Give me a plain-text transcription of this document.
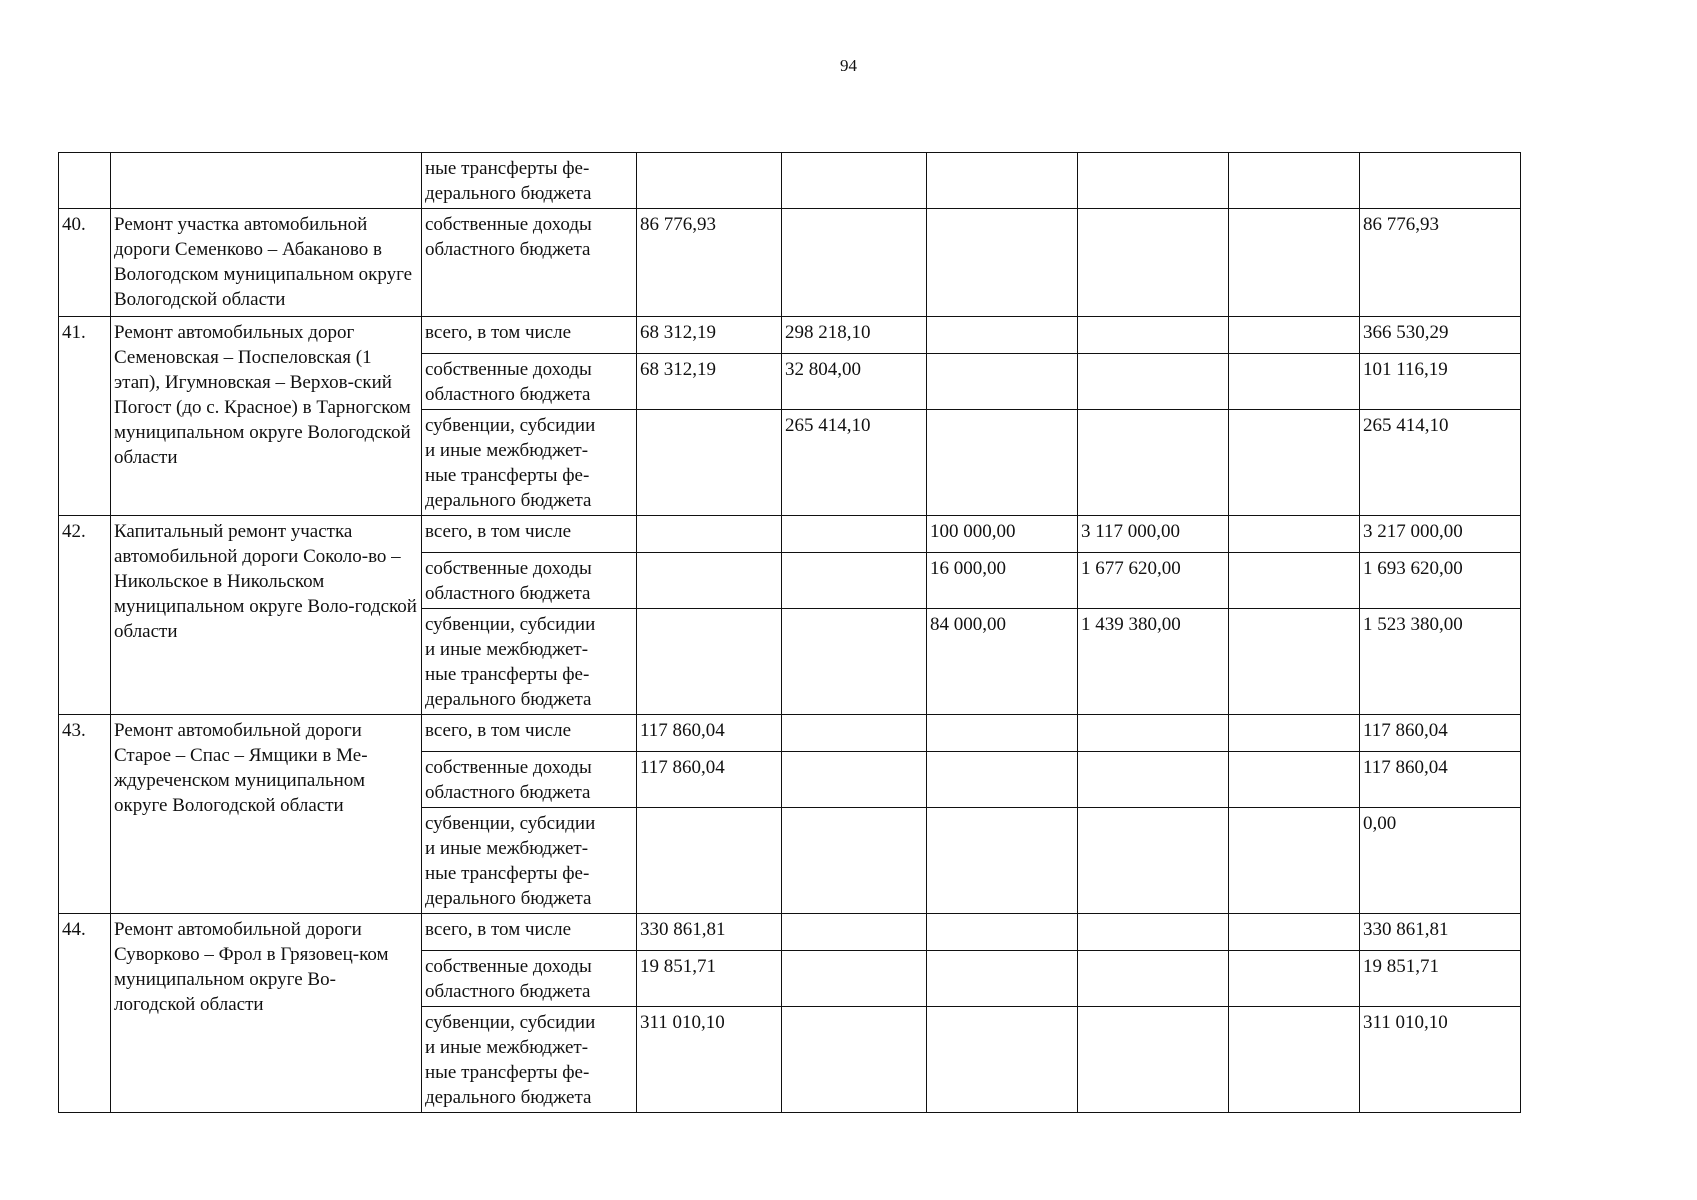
94
		ные трансферты фе-
дерального бюджета						
40.	Ремонт участка автомобильной дороги Семенково – Абаканово в Вологодском муниципальном округе Вологодской области	собственные доходы
областного бюджета	86 776,93					86 776,93
41.	Ремонт автомобильных дорог Семеновская – Поспеловская (1 этап), Игумновская – Верхов-ский Погост (до с. Красное) в Тарногском муниципальном округе Вологодской области	всего, в том числе	68 312,19	298 218,10				366 530,29
		собственные доходы
областного бюджета	68 312,19	32 804,00				101 116,19
		субвенции, субсидии
и иные межбюджет-
ные трансферты фе-
дерального бюджета		265 414,10				265 414,10
42.	Капитальный ремонт участка автомобильной дороги Соколо-во – Никольское в Никольском муниципальном округе Воло-годской области	всего, в том числе			100 000,00	3 117 000,00		3 217 000,00
		собственные доходы
областного бюджета			16 000,00	1 677 620,00		1 693 620,00
		субвенции, субсидии
и иные межбюджет-
ные трансферты фе-
дерального бюджета			84 000,00	1 439 380,00		1 523 380,00
43.	Ремонт автомобильной дороги Старое – Спас – Ямщики в Ме-ждуреченском муниципальном округе Вологодской области	всего, в том числе	117 860,04					117 860,04
		собственные доходы
областного бюджета	117 860,04					117 860,04
		субвенции, субсидии
и иные межбюджет-
ные трансферты фе-
дерального бюджета						0,00
44.	Ремонт автомобильной дороги Суворково – Фрол в Грязовец-ком муниципальном округе Во-логодской области	всего, в том числе	330 861,81					330 861,81
		собственные доходы
областного бюджета	19 851,71					19 851,71
		субвенции, субсидии
и иные межбюджет-
ные трансферты фе-
дерального бюджета	311 010,10					311 010,10
